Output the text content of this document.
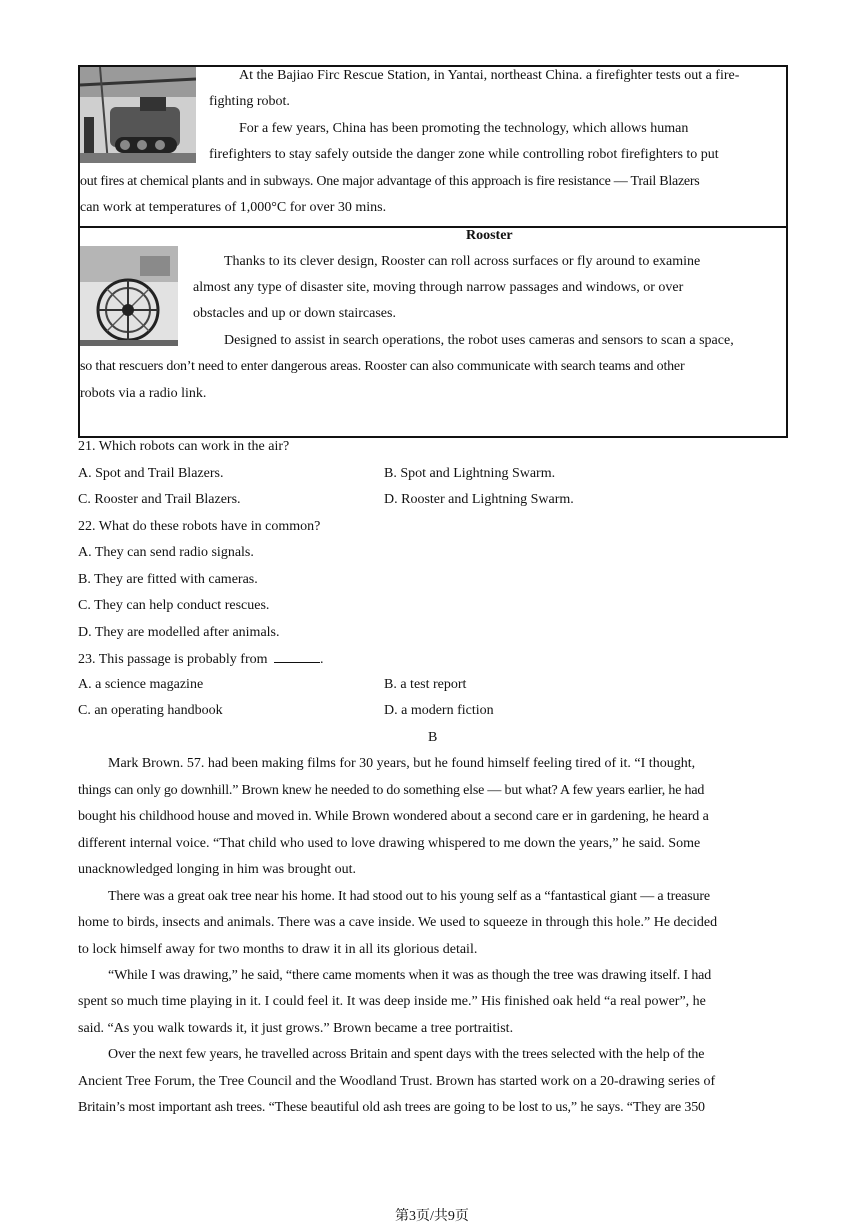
At the Bajiao Firc Rescue Station, in Yantai, northeast China. a firefighter tests out a fire-
fighting robot.
For a few years, China has been promoting the technology, which allows human
firefighters to stay safely outside the danger zone while controlling robot firefighters to put
out fires at chemical plants and in subways. One major advantage of this approach is fire resistance — Trail Blazers
can work at temperatures of 1,000°C for over 30 mins.
Rooster
Thanks to its clever design, Rooster can roll across surfaces or fly around to examine
almost any type of disaster site, moving through narrow passages and windows, or over
obstacles and up or down staircases.
Designed to assist in search operations, the robot uses cameras and sensors to scan a space,
so that rescuers don’t need to enter dangerous areas. Rooster can also communicate with search teams and other
robots via a radio link.
21. Which robots can work in the air?
A. Spot and Trail Blazers.	B. Spot and Lightning Swarm.
C. Rooster and Trail Blazers.	D. Rooster and Lightning Swarm.
22. What do these robots have in common?
A. They can send radio signals.
B. They are fitted with cameras.
C. They can help conduct rescues.
D. They are modelled after animals.
23. This passage is probably from	.
A. a science magazine	B. a test report
C. an operating handbook	D. a modern fiction
B
Mark Brown. 57. had been making films for 30 years, but he found himself feeling tired of it. “I thought,
things can only go downhill.” Brown knew he needed to do something else — but what? A few years earlier, he had
bought his childhood house and moved in. While Brown wondered about a second care er in gardening, he heard a
different internal voice. “That child who used to love drawing whispered to me down the years,” he said. Some
unacknowledged longing in him was brought out.
There was a great oak tree near his home. It had stood out to his young self as a “fantastical giant — a treasure
home to birds, insects and animals. There was a cave inside. We used to squeeze in through this hole.” He decided
to lock himself away for two months to draw it in all its glorious detail.
“While I was drawing,” he said, “there came moments when it was as though the tree was drawing itself. I had
spent so much time playing in it. I could feel it. It was deep inside me.” His finished oak held “a real power”, he
said. “As you walk towards it, it just grows.” Brown became a tree portraitist.
Over the next few years, he travelled across Britain and spent days with the trees selected with the help of the
Ancient Tree Forum, the Tree Council and the Woodland Trust. Brown has started work on a 20-drawing series of
Britain’s most important ash trees. “These beautiful old ash trees are going to be lost to us,” he says. “They are 350
第3页/共9页
